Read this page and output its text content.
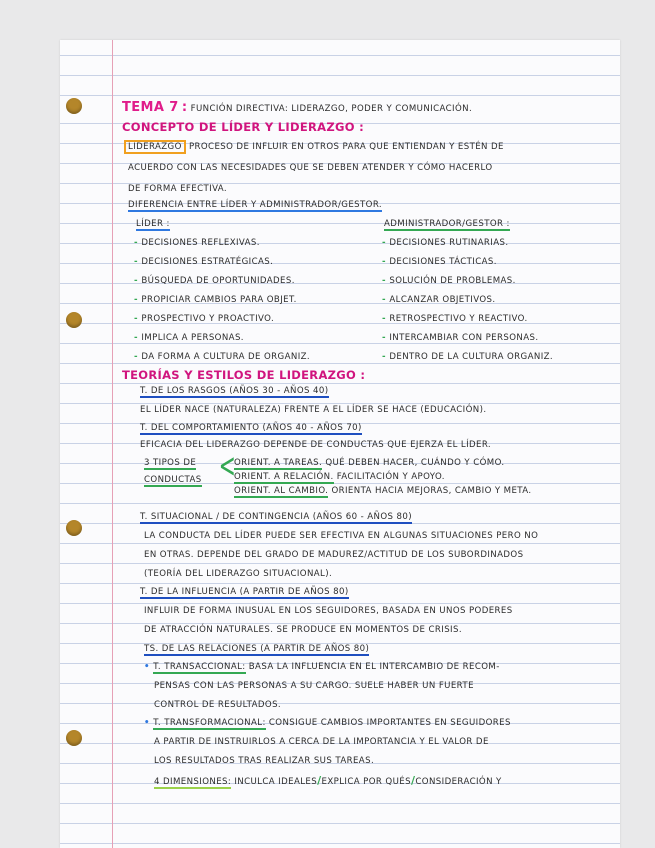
TEMA 7 : FUNCIÓN DIRECTIVA: LIDERAZGO, PODER Y COMUNICACIÓN.
CONCEPTO DE LÍDER Y LIDERAZGO :
LIDERAZGO PROCESO DE INFLUIR EN OTROS PARA QUE ENTIENDAN Y ESTÉN DE
ACUERDO CON LAS NECESIDADES QUE SE DEBEN ATENDER Y CÓMO HACERLO
DE FORMA EFECTIVA.
DIFERENCIA ENTRE LÍDER Y ADMINISTRADOR/GESTOR.
LÍDER :	ADMINISTRADOR/GESTOR :
- DECISIONES REFLEXIVAS.
- DECISIONES ESTRATÉGICAS.
- BÚSQUEDA DE OPORTUNIDADES.
- PROPICIAR CAMBIOS PARA OBJET.
- PROSPECTIVO Y PROACTIVO.
- IMPLICA A PERSONAS.
- DA FORMA A CULTURA DE ORGANIZ.
- DECISIONES RUTINARIAS.
- DECISIONES TÁCTICAS.
- SOLUCIÓN DE PROBLEMAS.
- ALCANZAR OBJETIVOS.
- RETROSPECTIVO Y REACTIVO.
- INTERCAMBIAR CON PERSONAS.
- DENTRO DE LA CULTURA ORGANIZ.
TEORÍAS Y ESTILOS DE LIDERAZGO :
T. DE LOS RASGOS (AÑOS 30 - AÑOS 40)
EL LÍDER NACE (NATURALEZA) FRENTE A EL LÍDER SE HACE (EDUCACIÓN).
T. DEL COMPORTAMIENTO (AÑOS 40 - AÑOS 70)
EFICACIA DEL LIDERAZGO DEPENDE DE CONDUCTAS QUE EJERZA EL LÍDER.
3 TIPOS DE
CONDUCTAS <
ORIENT. A TAREAS. QUÉ DEBEN HACER, CUÁNDO Y CÓMO.
ORIENT. A RELACIÓN. FACILITACIÓN Y APOYO.
ORIENT. AL CAMBIO. ORIENTA HACIA MEJORAS, CAMBIO Y META.
T. SITUACIONAL / DE CONTINGENCIA (AÑOS 60 - AÑOS 80)
LA CONDUCTA DEL LÍDER PUEDE SER EFECTIVA EN ALGUNAS SITUACIONES PERO NO
EN OTRAS. DEPENDE DEL GRADO DE MADUREZ/ACTITUD DE LOS SUBORDINADOS
(TEORÍA DEL LIDERAZGO SITUACIONAL).
T. DE LA INFLUENCIA (A PARTIR DE AÑOS 80)
INFLUIR DE FORMA INUSUAL EN LOS SEGUIDORES, BASADA EN UNOS PODERES
DE ATRACCIÓN NATURALES. SE PRODUCE EN MOMENTOS DE CRISIS.
TS. DE LAS RELACIONES (A PARTIR DE AÑOS 80)
• T. TRANSACCIONAL: BASA LA INFLUENCIA EN EL INTERCAMBIO DE RECOM-
PENSAS CON LAS PERSONAS A SU CARGO. SUELE HABER UN FUERTE
CONTROL DE RESULTADOS.
• T. TRANSFORMACIONAL: CONSIGUE CAMBIOS IMPORTANTES EN SEGUIDORES
A PARTIR DE INSTRUIRLOS A CERCA DE LA IMPORTANCIA Y EL VALOR DE
LOS RESULTADOS TRAS REALIZAR SUS TAREAS.
4 DIMENSIONES: INCULCA IDEALES/EXPLICA POR QUÉS/CONSIDERACIÓN Y
